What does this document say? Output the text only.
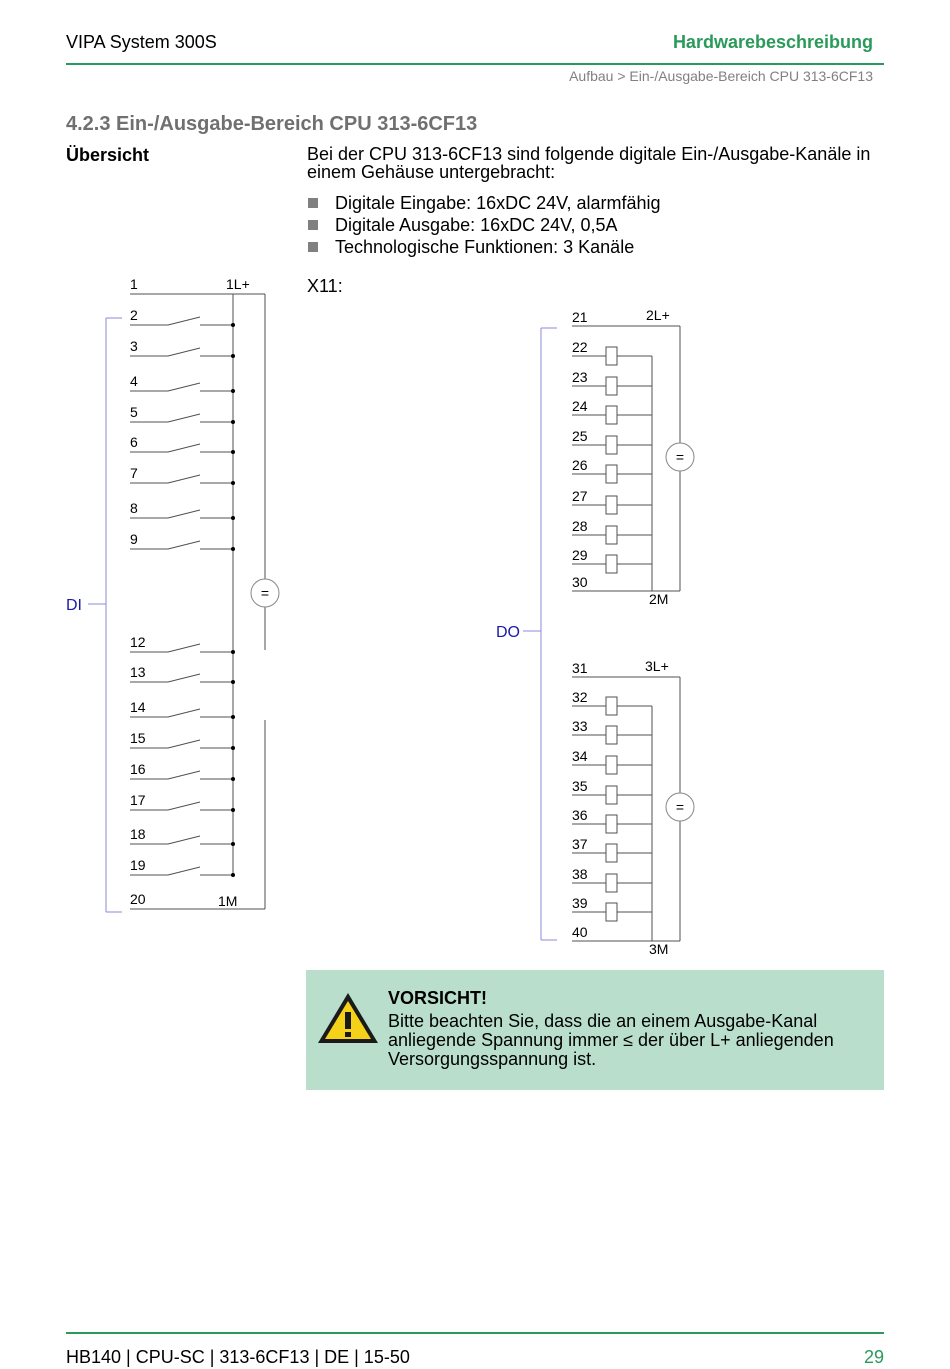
VIPA System 300S	Hardwarebeschreibung
Aufbau > Ein-/Ausgabe-Bereich CPU 313-6CF13
4.2.3 Ein-/Ausgabe-Bereich CPU 313-6CF13
Übersicht	Bei der CPU 313-6CF13 sind folgende digitale Ein-/Ausgabe-Kanäle in einem Gehäuse untergebracht:
Digitale Eingabe: 16xDC 24V, alarmfähig
Digitale Ausgabe: 16xDC 24V, 0,5A
Technologische Funktionen: 3 Kanäle
X11:
1
2
3
4
5
6
7
8
9
12
13
14
15
16
17
18
19
20
=
1L+
1M
DI
21
22
23
24
25
26
27
28
29
30
=
2L+
2M
31
32
33
34
35
36
37
38
39
40
=
3L+
3M
DO
VORSICHT!
Bitte beachten Sie, dass die an einem Ausgabe-Kanal anliegende Spannung immer ≤ der über L+ anliegenden Versorgungsspannung ist.
HB140 | CPU-SC | 313-6CF13 | DE | 15-50	29
